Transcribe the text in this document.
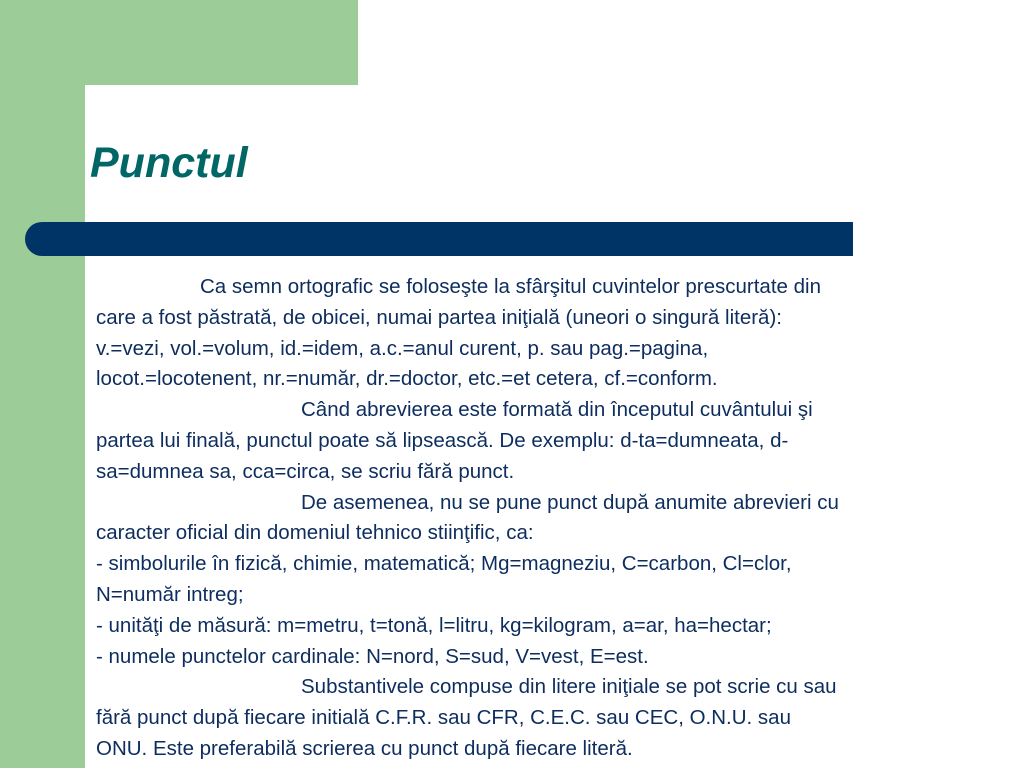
Punctul
Ca semn ortografic se foloseşte la sfârşitul cuvintelor prescurtate din
care a fost păstrată, de obicei, numai partea iniţială (uneori o singură literă):
v.=vezi, vol.=volum, id.=idem, a.c.=anul curent, p. sau pag.=pagina,
locot.=locotenent, nr.=număr, dr.=doctor, etc.=et cetera, cf.=conform.
Când abrevierea este formată din începutul cuvântului şi
partea lui finală, punctul poate să lipsească. De exemplu: d-ta=dumneata, d-
sa=dumnea sa, cca=circa, se scriu fără punct.
De asemenea, nu se pune punct după anumite abrevieri cu
caracter oficial din domeniul tehnico stiinţific, ca:
- simbolurile în fizică, chimie, matematică; Mg=magneziu, C=carbon, Cl=clor,
N=număr intreg;
- unităţi de măsură: m=metru, t=tonă, l=litru, kg=kilogram, a=ar, ha=hectar;
- numele punctelor cardinale: N=nord, S=sud, V=vest, E=est.
Substantivele compuse din litere iniţiale se pot scrie cu sau
fără punct după fiecare initială C.F.R. sau CFR, C.E.C. sau CEC, O.N.U. sau
ONU. Este preferabilă scrierea cu punct după fiecare literă.
